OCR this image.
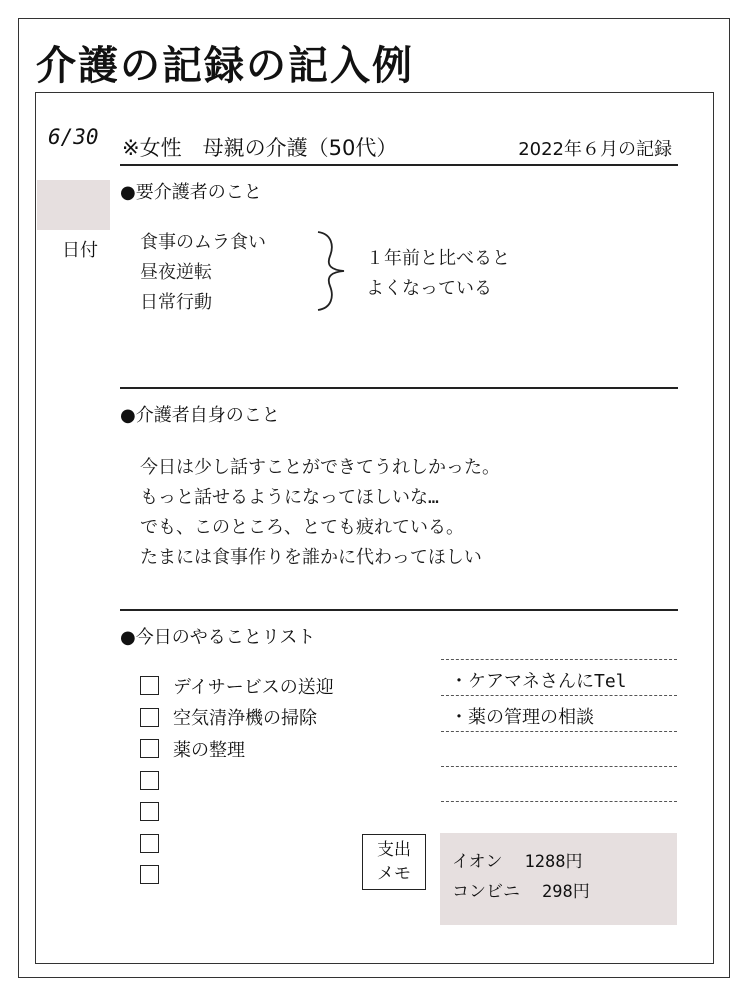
介護の記録の記入例
6/30
日付
※女性　母親の介護（50代）	2022年６月の記録
●要介護者のこと
食事のムラ食い
昼夜逆転
日常行動
１年前と比べると
よくなっている
●介護者自身のこと
今日は少し話すことができてうれしかった。
もっと話せるようになってほしいな…
でも、このところ、とても疲れている。
たまには食事作りを誰かに代わってほしい
●今日のやることリスト
デイサービスの送迎
空気清浄機の掃除
薬の整理
・ケアマネさんにTel
・薬の管理の相談
支出
メモ
イオン 1288円
コンビニ 298円
